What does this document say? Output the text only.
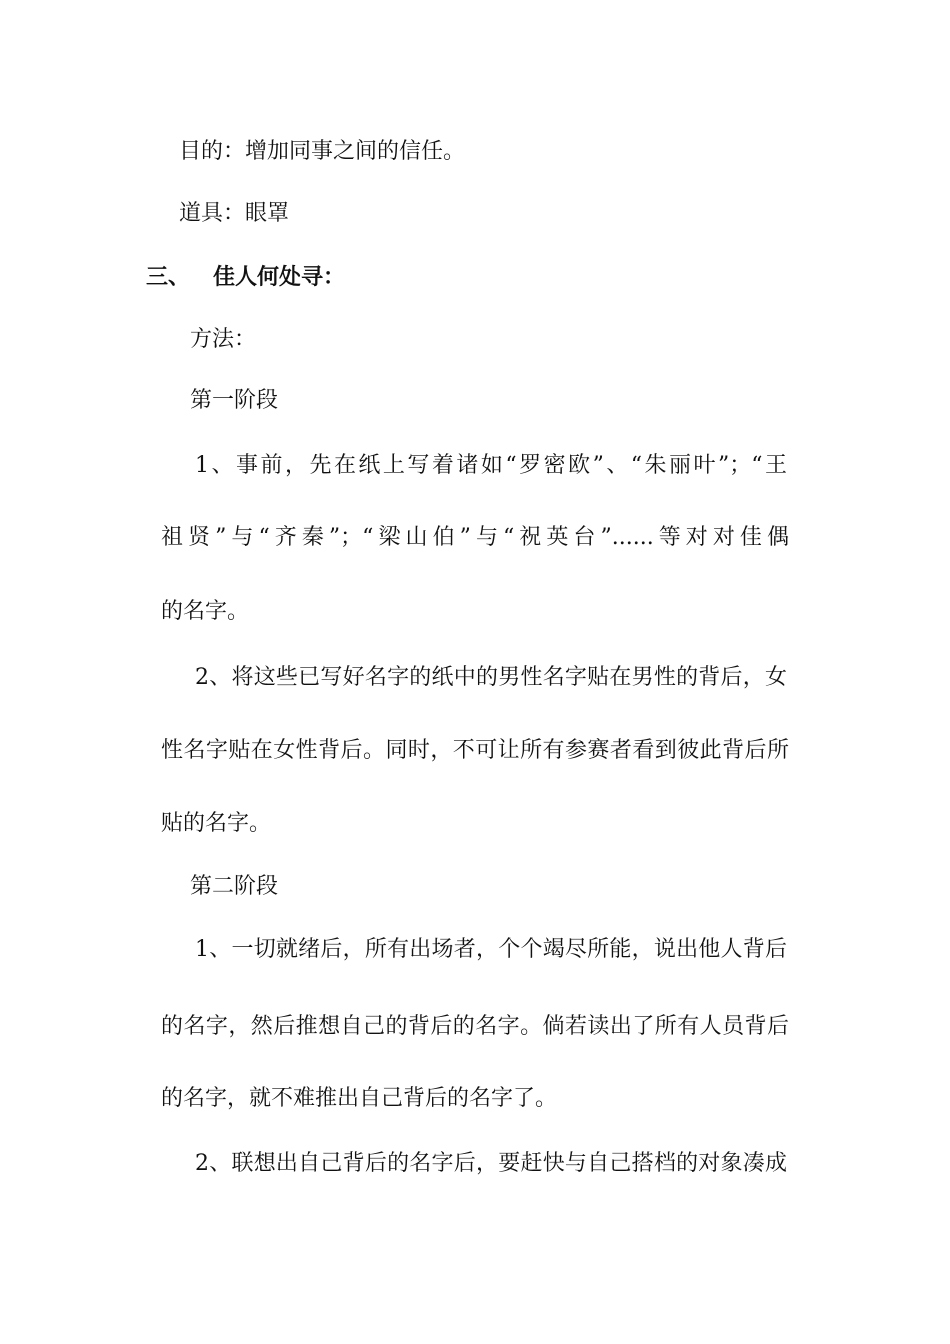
目的：增加同事之间的信任。
道具：眼罩
三、 佳人何处寻：
方法：
第一阶段
1、事前，先在纸上写着诸如“罗密欧”、“朱丽叶”；“王
祖贤”与“齐秦”；“梁山伯”与“祝英台”......等对对佳偶
的名字。
2、将这些已写好名字的纸中的男性名字贴在男性的背后，女
性名字贴在女性背后。同时，不可让所有参赛者看到彼此背后所
贴的名字。
第二阶段
1、一切就绪后，所有出场者，个个竭尽所能，说出他人背后
的名字，然后推想自己的背后的名字。倘若读出了所有人员背后
的名字，就不难推出自己背后的名字了。
2、联想出自己背后的名字后，要赶快与自己搭档的对象凑成
